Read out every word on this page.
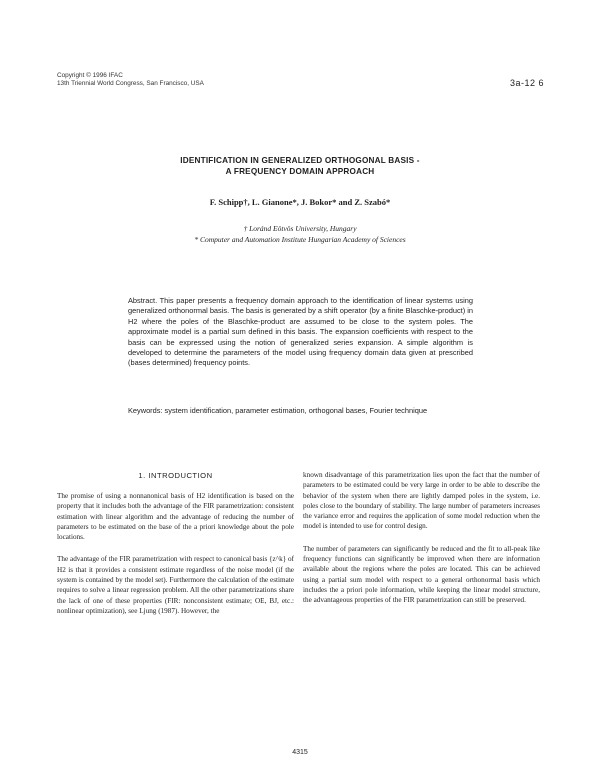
Copyright © 1996 IFAC
13th Triennial World Congress, San Francisco, USA	3a-12 6
IDENTIFICATION IN GENERALIZED ORTHOGONAL BASIS -
A FREQUENCY DOMAIN APPROACH
F. Schipp†, L. Gianone*, J. Bokor* and Z. Szabó*
† Loránd Eötvös University, Hungary
* Computer and Automation Institute Hungarian Academy of Sciences
Abstract. This paper presents a frequency domain approach to the identification of linear systems using generalized orthonormal basis. The basis is generated by a shift operator (by a finite Blaschke-product) in H2 where the poles of the Blaschke-product are assumed to be close to the system poles. The approximate model is a partial sum defined in this basis. The expansion coefficients with respect to the basis can be expressed using the notion of generalized series expansion. A simple algorithm is developed to determine the parameters of the model using frequency domain data given at prescribed (bases determined) frequency points.
Keywords: system identification, parameter estimation, orthogonal bases, Fourier technique
1. INTRODUCTION

The promise of using a nonnanonical basis of H2 identification is based on the property that it includes both the advantage of the FIR parametrization: consistent estimation with linear algorithm and the advantage of reducing the number of parameters to be estimated on the base of the a priori knowledge about the pole locations.

The advantage of the FIR parametrization with respect to canonical basis {z^k} of H2 is that it provides a consistent estimate regardless of the noise model (if the system is contained by the model set). Furthermore the calculation of the estimate requires to solve a linear regression problem. All the other parametrizations share the lack of one of these properties (FIR: nonconsistent estimate; OE, BJ, etc.: nonlinear optimization), see Ljung (1987). However, the

known disadvantage of this parametrization lies upon the fact that the number of parameters to be estimated could be very large in order to be able to describe the behavior of the system when there are lightly damped poles in the system, i.e. poles close to the boundary of stability. The large number of parameters increases the variance error and requires the application of some model reduction when the model is intended to use for control design.

The number of parameters can significantly be reduced and the fit to all-peak like frequency functions can significantly be improved when there are information available about the regions where the poles are located. This can be achieved using a partial sum model with respect to a general orthonormal basis which includes the a priori pole information, while keeping the linear model structure, the advantageous properties of the FIR parametrization can still be preserved.

4315
